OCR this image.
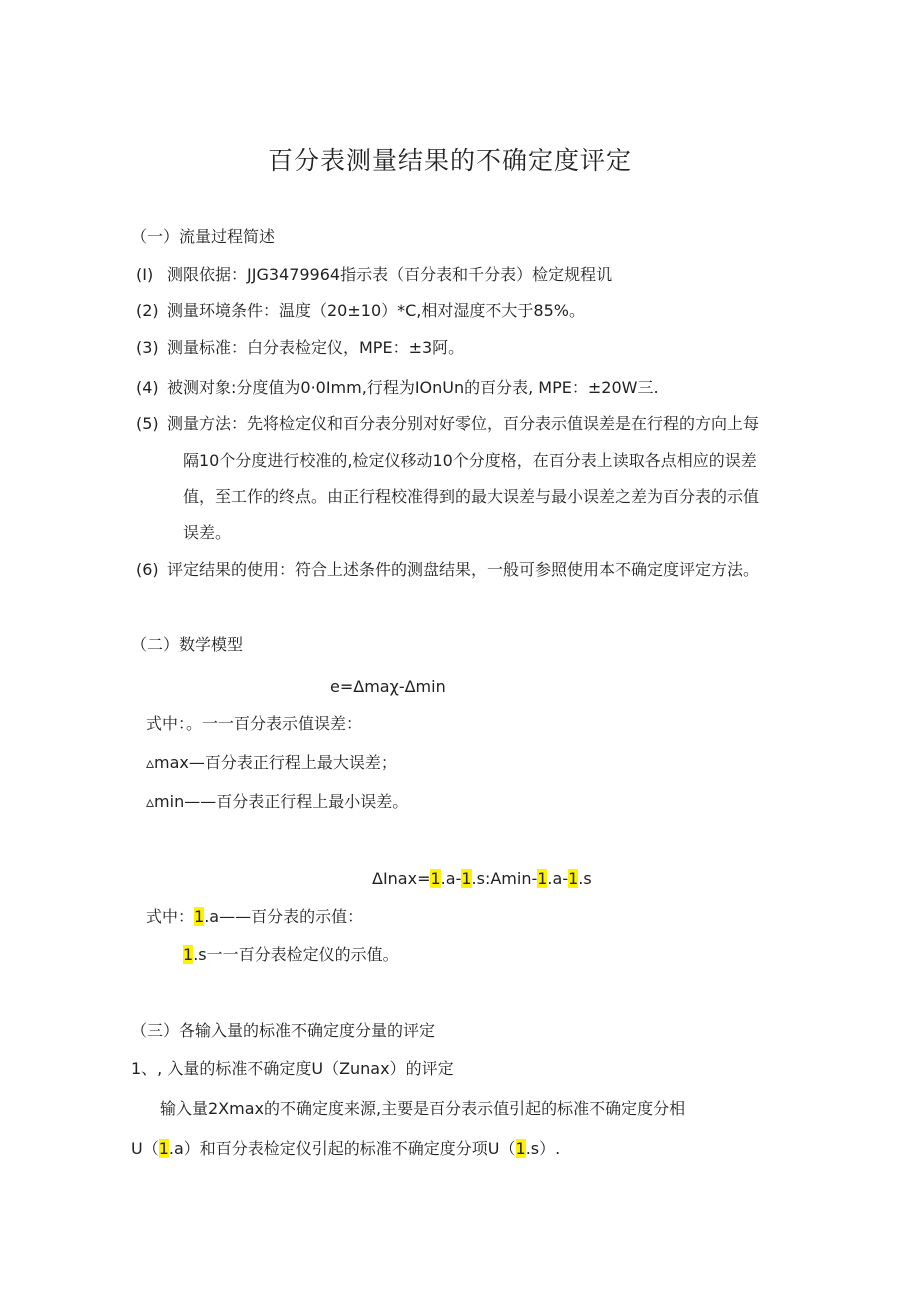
百分表测量结果的不确定度评定
（一）流量过程简述
(I) 测限依据：JJG3479964指示表（百分表和千分表）检定规程讥
(2) 测量环境条件：温度（20±10）*C,相对湿度不大于85%。
(3) 测量标准：白分表检定仪，MPE：±3阿。
(4) 被测对象:分度值为0·0Imm,行程为IOnUn的百分表, MPE：±20W三.
(5) 测量方法：先将检定仪和百分表分别对好零位，百分表示值误差是在行程的方向上每
隔10个分度进行校准的,检定仪移动10个分度格，在百分表上读取各点相应的误差
值，至工作的终点。由正行程校准得到的最大误差与最小误差之差为百分表的示值
误差。
(6) 评定结果的使用：符合上述条件的测盘结果，一般可参照使用本不确定度评定方法。
（二）数学模型
e=Δmaχ-Δmin
式中：。一一百分表示值误差：
▵max—百分表正行程上最大误差；
▵min——百分表正行程上最小误差。
ΔInax=1.a-1.s:Amin-1.a-1.s
式中：1.a——百分表的示值：
1.s一一百分表检定仪的示值。
（三）各输入量的标准不确定度分量的评定
1、, 入量的标准不确定度U（Zunax）的评定
输入量2Xmax的不确定度来源,主要是百分表示值引起的标准不确定度分相
U（1.a）和百分表检定仪引起的标准不确定度分项U（1.s）.
